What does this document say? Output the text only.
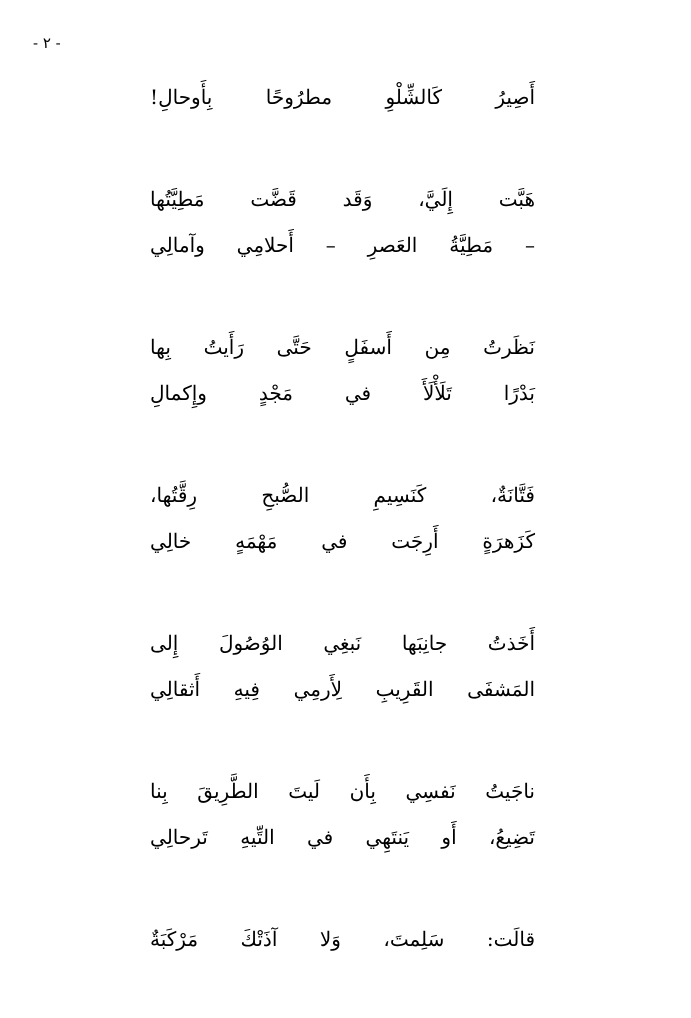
- ٢ -
أَصِيرُ
كَالشِّلْوِ
مطرُوحًا
بِأَوحالِ!
هَبَّت
إِلَيَّ،
وَقَد
قَضَّت
مَطِيَّتُها
–
مَطِيَّةُ
العَصرِ
–
أَحلامِي
وآمالِي
نَظَرتُ
مِن
أَسفَلٍ
حَتَّى
رَأَيتُ
بِها
بَدْرًا
تَلَأْلَأَ
في
مَجْدٍ
وإِكمالِ
فَتَّانَةٌ،
كَنَسِيمِ
الصُّبحِ
رِقَّتُها،
كَزَهرَةٍ
أَرِجَت
في
مَهْمَهٍ
خالِي
أَخَذتُ
جانِبَها
نَبغِي
الوُصُولَ
إِلى
المَشفَى
القَرِيبِ
لِأَرمِي
فِيهِ
أَثقالِي
ناجَيتُ
نَفسِي
بِأَن
لَيتَ
الطَّرِيقَ
بِنا
تَضِيعُ،
أَو
يَنتَهِي
في
التِّيهِ
تَرحالِي
قالَت:
سَلِمتَ،
وَلا
آذَتْكَ
مَرْكَبَةٌ
